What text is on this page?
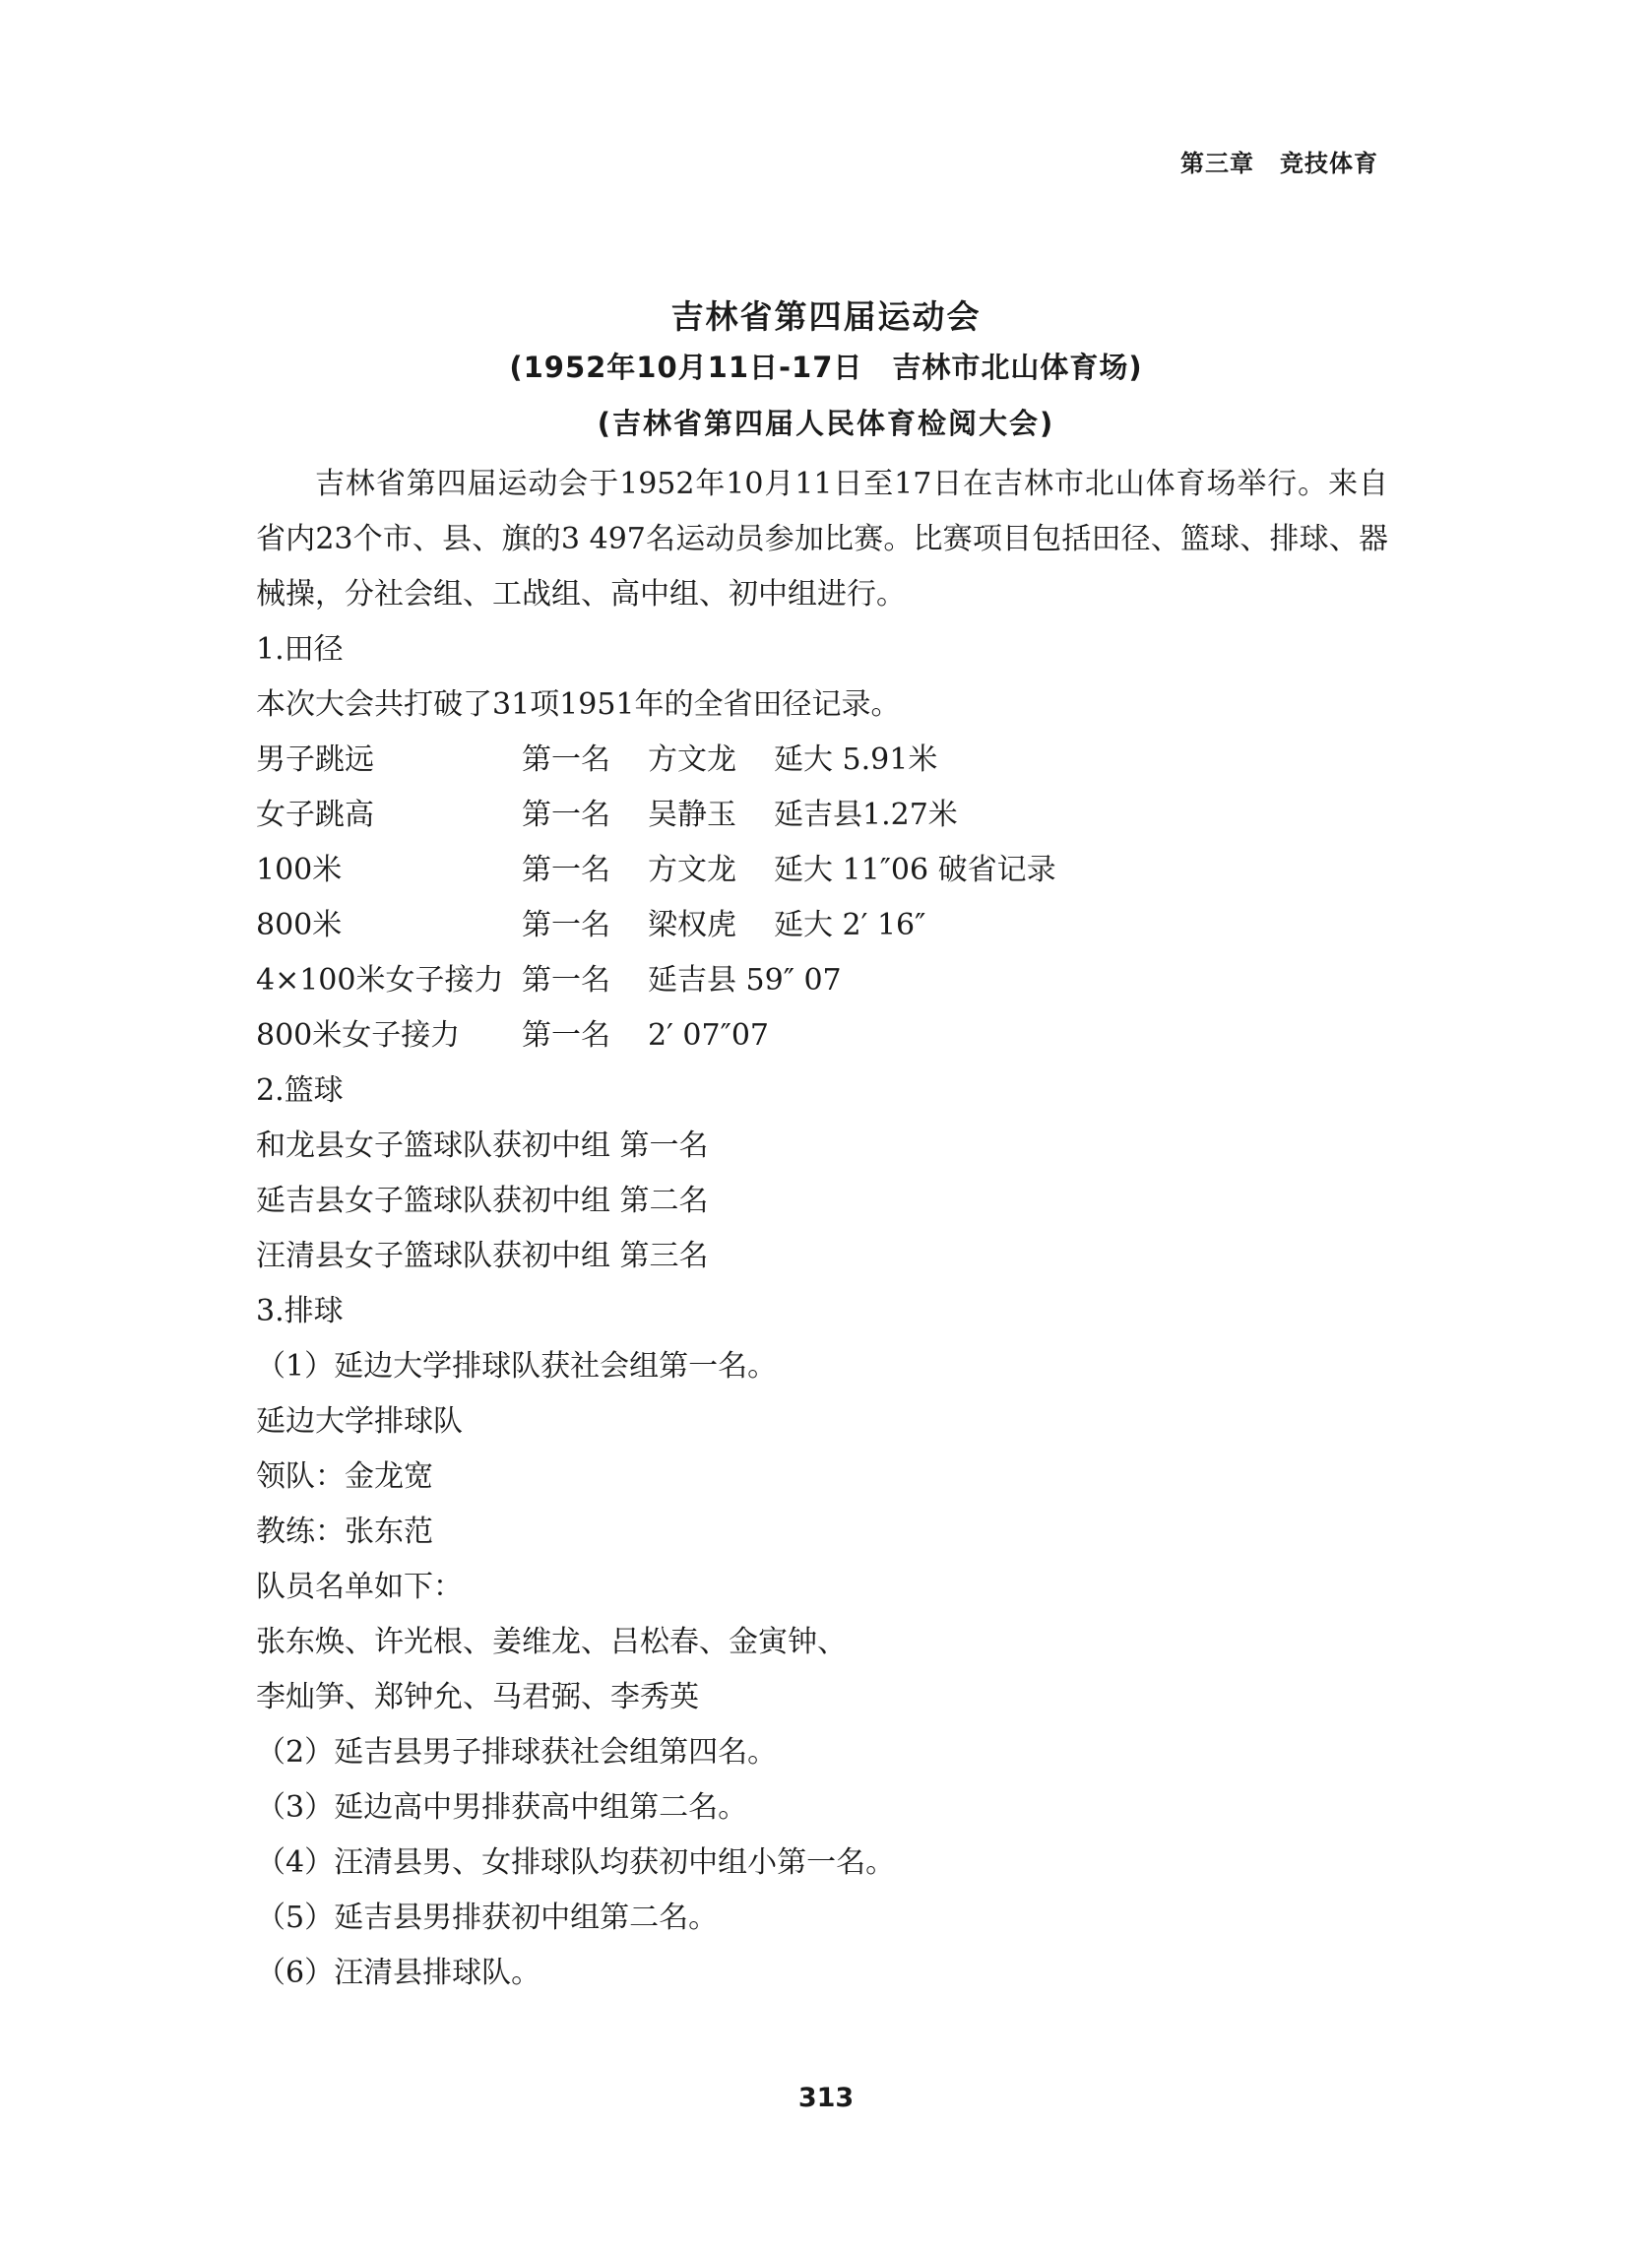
第三章 竞技体育
吉林省第四届运动会
(1952年10月11日-17日　吉林市北山体育场)
(吉林省第四届人民体育检阅大会)

吉林省第四届运动会于1952年10月11日至17日在吉林市北山体育场举行。来自省内23个市、县、旗的3 497名运动员参加比赛。比赛项目包括田径、篮球、排球、器械操，分社会组、工战组、高中组、初中组进行。

1.田径

本次大会共打破了31项1951年的全省田径记录。

男子跳远	第一名	方文龙	延大 5.91米
女子跳高	第一名	吴静玉	延吉县1.27米
100米	第一名	方文龙	延大 11″06 破省记录
800米	第一名	梁权虎	延大 2′ 16″
4×100米女子接力 第一名	延吉县 59″ 07
800米女子接力	第一名	2′ 07″07

2.篮球

和龙县女子篮球队获初中组 第一名

延吉县女子篮球队获初中组 第二名

汪清县女子篮球队获初中组 第三名

3.排球

（1）延边大学排球队获社会组第一名。

延边大学排球队

领队：金龙宽

教练：张东范

队员名单如下：

张东焕、许光根、姜维龙、吕松春、金寅钟、

李灿笋、郑钟允、马君弼、李秀英

（2）延吉县男子排球获社会组第四名。

（3）延边高中男排获高中组第二名。

（4）汪清县男、女排球队均获初中组小第一名。

（5）延吉县男排获初中组第二名。

（6）汪清县排球队。

313
